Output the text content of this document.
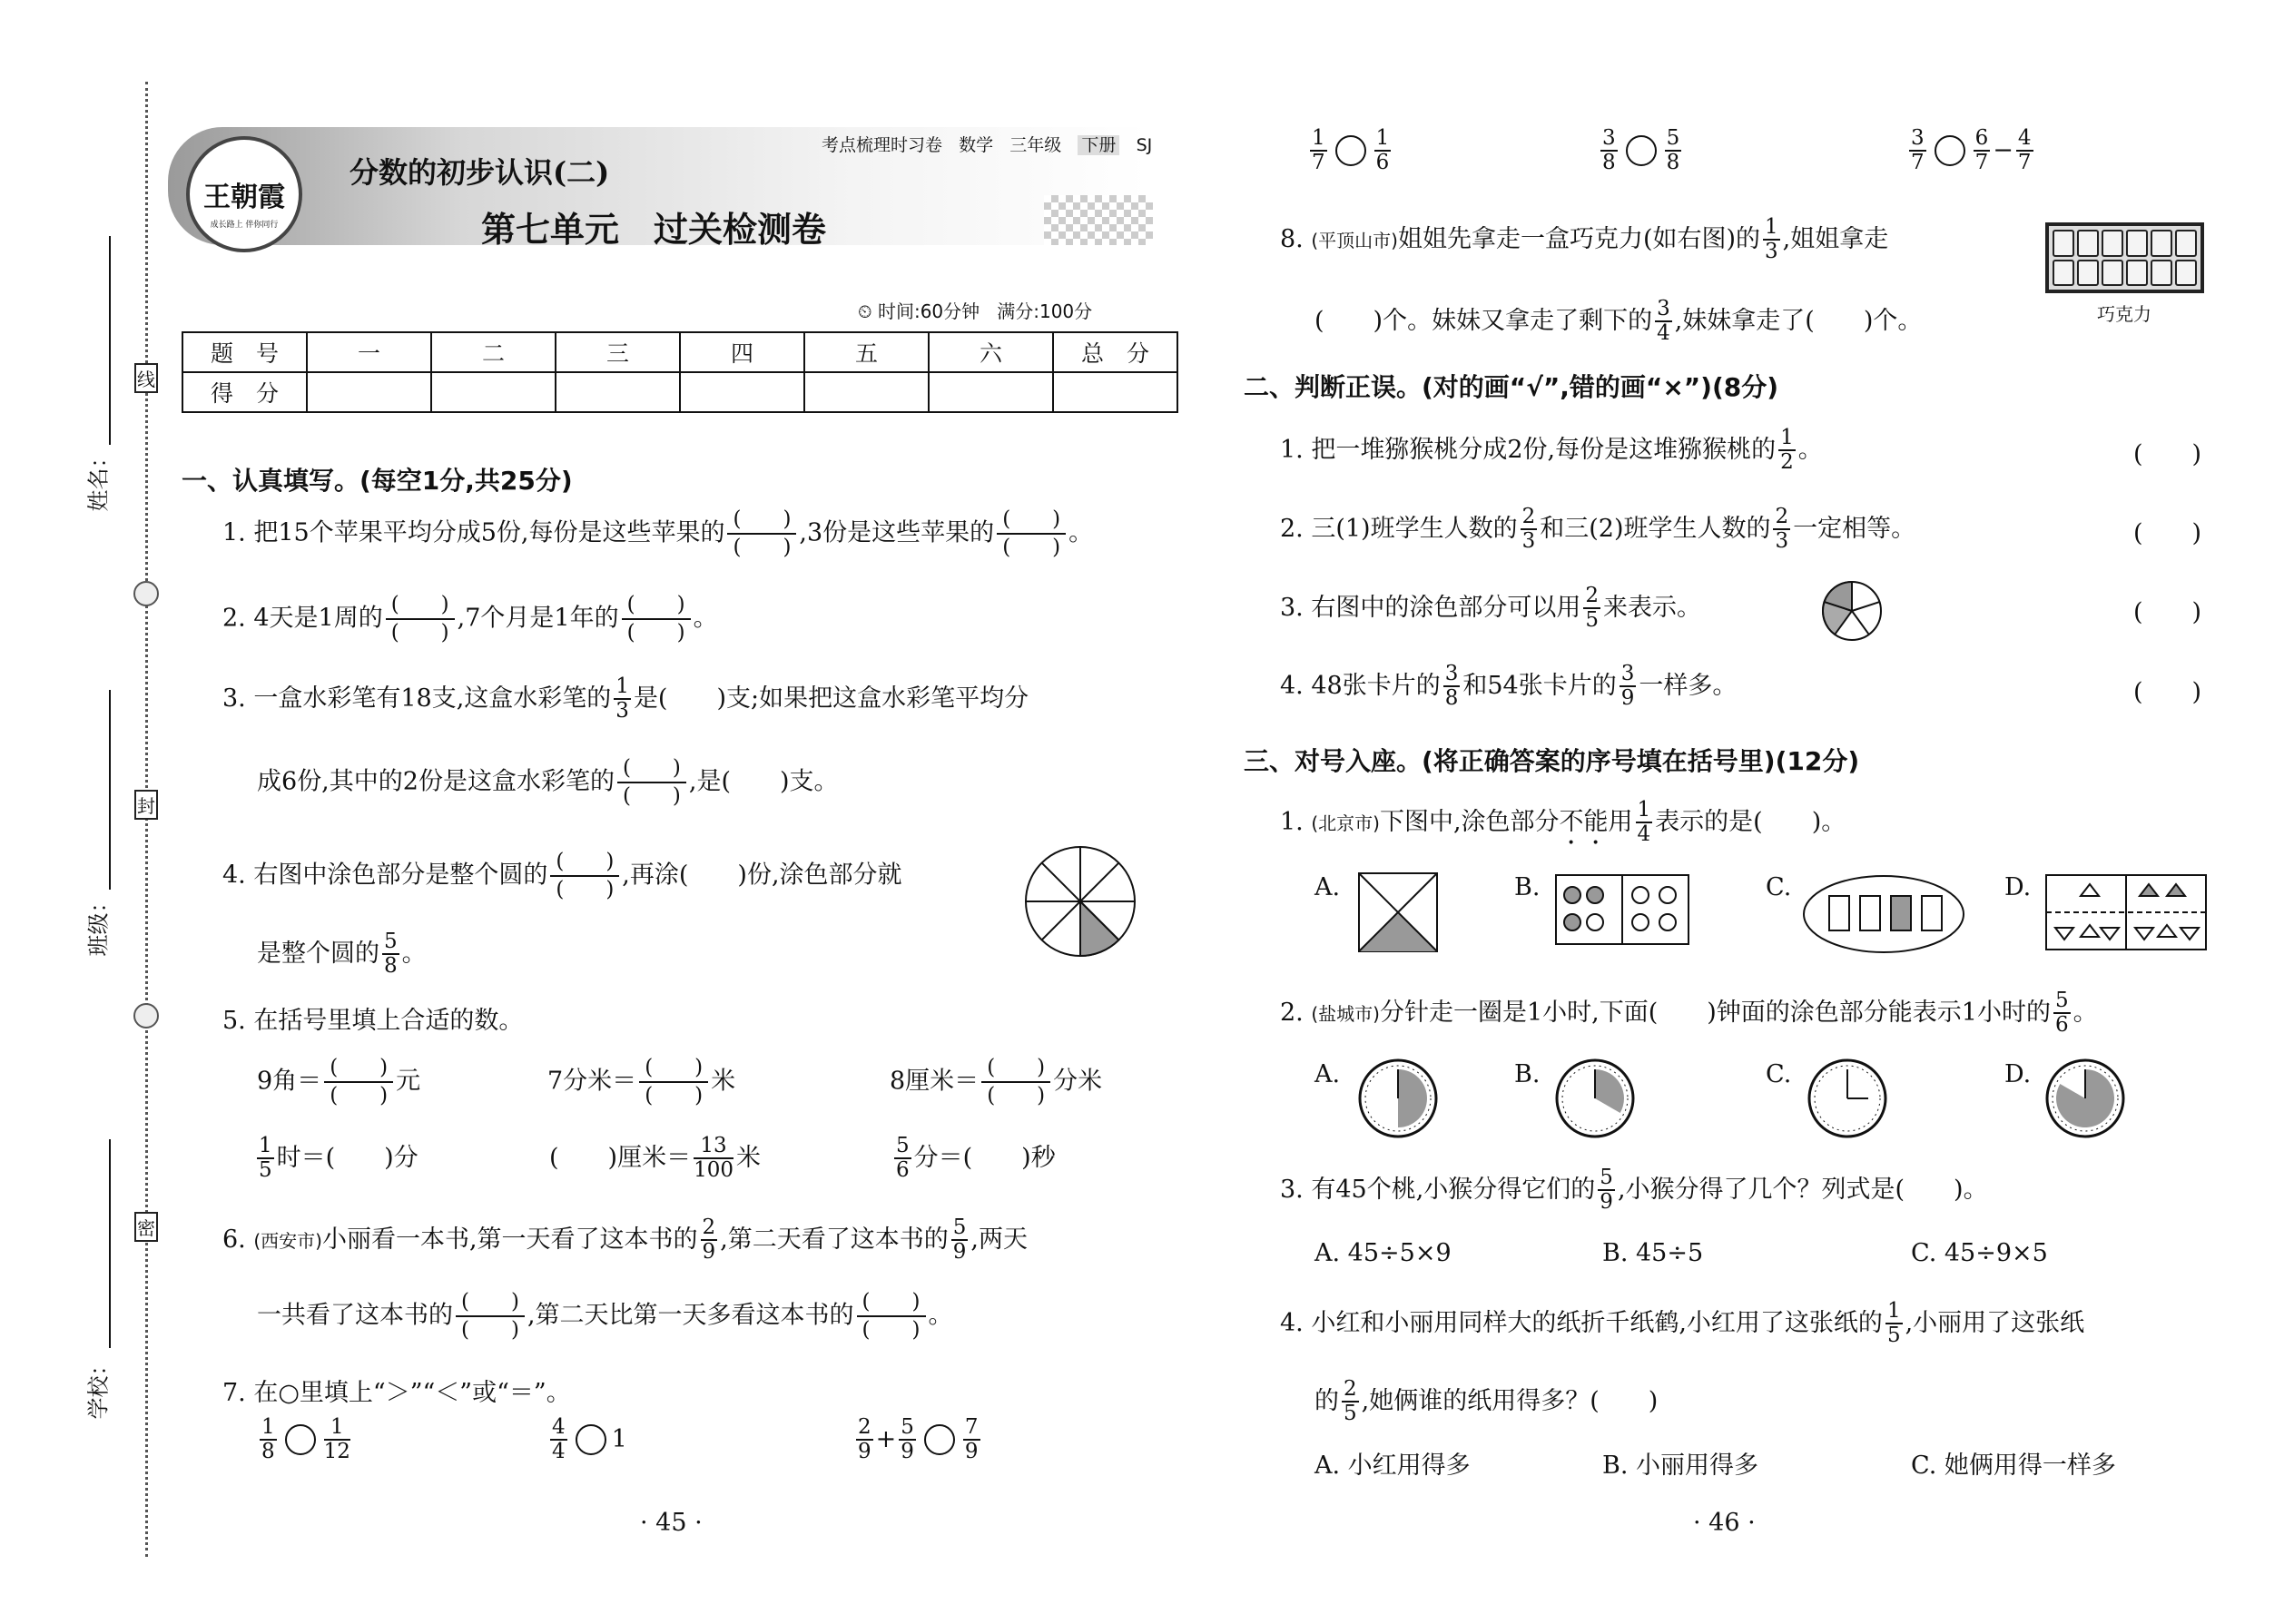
姓名：
班级：
学校：
线
封
密
王朝霞
成长路上 伴你同行
考点梳理时习卷 数学 三年级 下册 SJ
分数的初步认识(二)
第七单元　过关检测卷
⏲ 时间:60分钟 满分:100分
题　号	一	二	三	四	五	六	总　分
得　分							
一、认真填写。(每空1分,共25分)
1. 把15个苹果平均分成5份,每份是这些苹果的 (　　)
(　　)
,3份是这些苹果的 (　　)
(　　)
。
2. 4天是1周的 (　　)
(　　)
,7个月是1年的 (　　)
(　　)
。
3. 一盒水彩笔有18支,这盒水彩笔的 $\frac{1}{3}$ 是(　　)支;如果把这盒水彩笔平均分
成6份,其中的2份是这盒水彩笔的 (　　)
(　　)
,是(　　)支。
4. 右图中涂色部分是整个圆的 (　　)
(　　)
,再涂(　　)份,涂色部分就
是整个圆的 $\frac{5}{8}$ 。
5. 在括号里填上合适的数。
9角＝ (　　)
(　　)
元	7分米＝ (　　)
(　　)
米	8厘米＝ (　　)
(　　)
分米
$\frac{1}{5}$ 时＝(　　)分	(　　)厘米＝ $\frac{13}{100}$ 米	$\frac{5}{6}$ 分＝(　　)秒
6. (西安市)小丽看一本书,第一天看了这本书的 $\frac{2}{9}$ ,第二天看了这本书的 $\frac{5}{9}$ ,两天
一共看了这本书的 (　　)
(　　)
,第二天比第一天多看这本书的 (　　)
(　　)
。
7. 在○里填上“＞”“＜”或“＝”。
$\frac{1}{8} \frac{1}{12}$	$\frac{4}{4} 1$	$\frac{2}{9} + \frac{5}{9} \frac{7}{9}$
· 45 ·
$\frac{1}{7} \frac{1}{6}$	$\frac{3}{8} \frac{5}{8}$	$\frac{3}{7} \frac{6}{7} - \frac{4}{7}$
8. (平顶山市)姐姐先拿走一盒巧克力(如右图)的 $\frac{1}{3}$ ,姐姐拿走
(　　)个。妹妹又拿走了剩下的 $\frac{3}{4}$ ,妹妹拿走了(　　)个。	巧克力
二、判断正误。(对的画“√”,错的画“×”)(8分)
1. 把一堆猕猴桃分成2份,每份是这堆猕猴桃的 $\frac{1}{2}$ 。	(　　)
2. 三(1)班学生人数的 $\frac{2}{3}$ 和三(2)班学生人数的 $\frac{2}{3}$ 一定相等。	(　　)
3. 右图中的涂色部分可以用 $\frac{2}{5}$ 来表示。	(　　)
4. 48张卡片的 $\frac{3}{8}$ 和54张卡片的 $\frac{3}{9}$ 一样多。	(　　)
三、对号入座。(将正确答案的序号填在括号里)(12分)
1. (北京市)下图中,涂色部分不能用 $\frac{1}{4}$ 表示的是(　　)。
A.	B.	C.	D.
2. (盐城市)分针走一圈是1小时,下面(　　)钟面的涂色部分能表示1小时的 $\frac{5}{6}$ 。
A.	B.	C.	D.
3. 有45个桃,小猴分得它们的 $\frac{5}{9}$ ,小猴分得了几个？列式是(　　)。
A. 45÷5×9	B. 45÷5	C. 45÷9×5
4. 小红和小丽用同样大的纸折千纸鹤,小红用了这张纸的 $\frac{1}{5}$ ,小丽用了这张纸
的 $\frac{2}{5}$ ,她俩谁的纸用得多？(　　)
A. 小红用得多	B. 小丽用得多	C. 她俩用得一样多
· 46 ·
